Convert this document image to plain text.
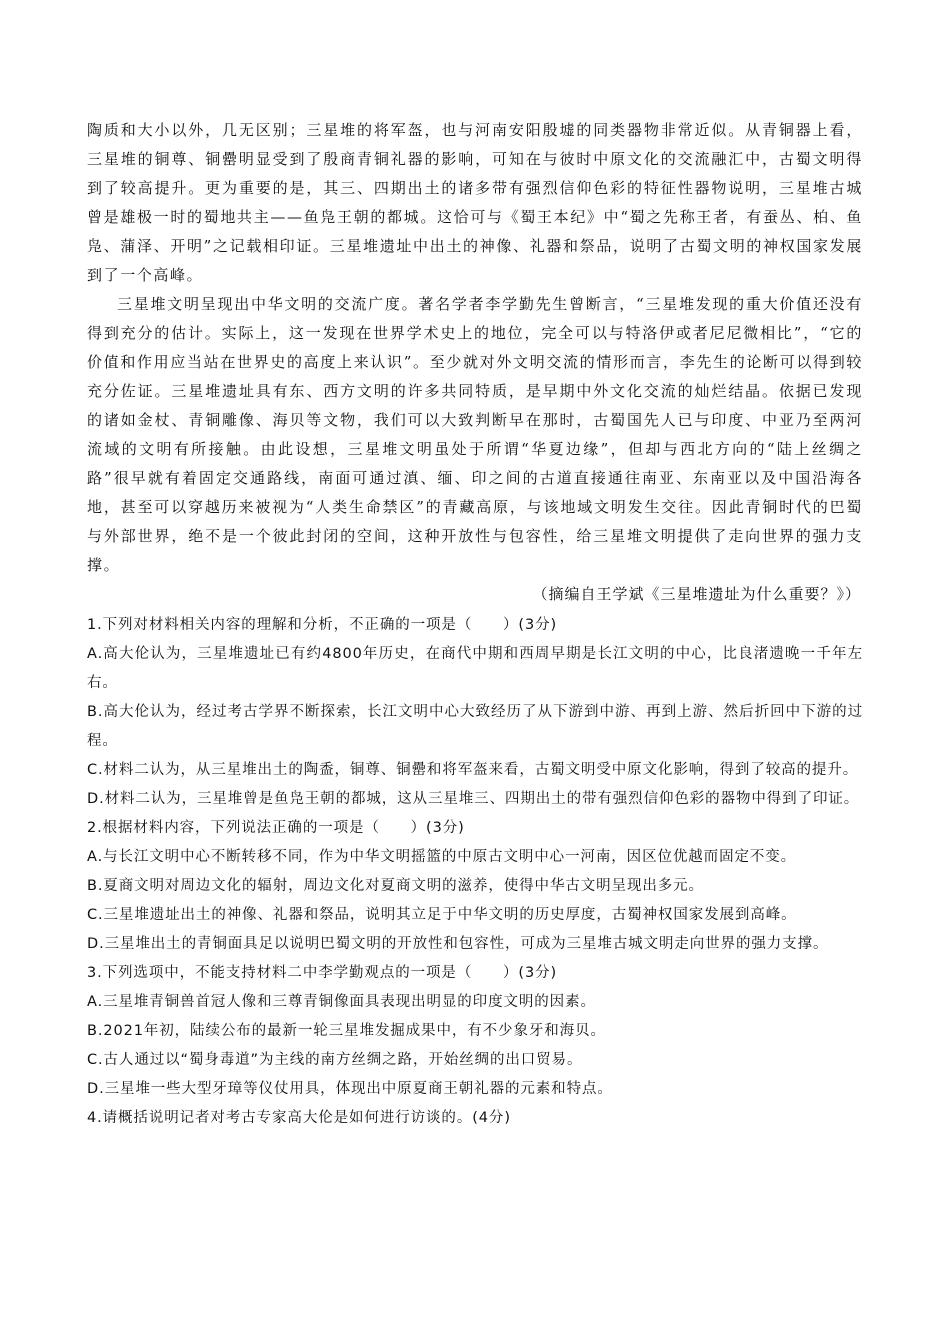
陶质和大小以外，几无区别；三星堆的将军盔，也与河南安阳殷墟的同类器物非常近似。从青铜器上看，三星堆的铜尊、铜罍明显受到了殷商青铜礼器的影响，可知在与彼时中原文化的交流融汇中，古蜀文明得到了较高提升。更为重要的是，其三、四期出土的诸多带有强烈信仰色彩的特征性器物说明，三星堆古城曾是雄极一时的蜀地共主——鱼凫王朝的都城。这恰可与《蜀王本纪》中“蜀之先称王者，有蚕丛、柏、鱼凫、蒲泽、开明”之记载相印证。三星堆遗址中出土的神像、礼器和祭品，说明了古蜀文明的神权国家发展到了一个高峰。

三星堆文明呈现出中华文明的交流广度。著名学者李学勤先生曾断言，“三星堆发现的重大价值还没有得到充分的估计。实际上，这一发现在世界学术史上的地位，完全可以与特洛伊或者尼尼微相比”，“它的价值和作用应当站在世界史的高度上来认识”。至少就对外文明交流的情形而言，李先生的论断可以得到较充分佐证。三星堆遗址具有东、西方文明的许多共同特质，是早期中外文化交流的灿烂结晶。依据已发现的诸如金杖、青铜雕像、海贝等文物，我们可以大致判断早在那时，古蜀国先人已与印度、中亚乃至两河流域的文明有所接触。由此设想，三星堆文明虽处于所谓“华夏边缘”，但却与西北方向的“陆上丝绸之路”很早就有着固定交通路线，南面可通过滇、缅、印之间的古道直接通往南亚、东南亚以及中国沿海各地，甚至可以穿越历来被视为“人类生命禁区”的青藏高原，与该地域文明发生交往。因此青铜时代的巴蜀与外部世界，绝不是一个彼此封闭的空间，这种开放性与包容性，给三星堆文明提供了走向世界的强力支撑。

（摘编自王学斌《三星堆遗址为什么重要？》）

1.下列对材料相关内容的理解和分析，不正确的一项是（　　）(3分)

A.高大伦认为，三星堆遗址已有约4800年历史，在商代中期和西周早期是长江文明的中心，比良渚遗晚一千年左右。

B.高大伦认为，经过考古学界不断探索，长江文明中心大致经历了从下游到中游、再到上游、然后折回中下游的过程。

C.材料二认为，从三星堆出土的陶盉，铜尊、铜罍和将军盔来看，古蜀文明受中原文化影响，得到了较高的提升。

D.材料二认为，三星堆曾是鱼凫王朝的都城，这从三星堆三、四期出土的带有强烈信仰色彩的器物中得到了印证。

2.根据材料内容，下列说法正确的一项是（　　）(3分)

A.与长江文明中心不断转移不同，作为中华文明摇篮的中原古文明中心一河南，因区位优越而固定不变。

B.夏商文明对周边文化的辐射，周边文化对夏商文明的滋养，使得中华古文明呈现出多元。

C.三星堆遗址出土的神像、礼器和祭品，说明其立足于中华文明的历史厚度，古蜀神权国家发展到高峰。

D.三星堆出土的青铜面具足以说明巴蜀文明的开放性和包容性，可成为三星堆古城文明走向世界的强力支撑。

3.下列选项中，不能支持材料二中李学勤观点的一项是（　　）(3分)

A.三星堆青铜兽首冠人像和三尊青铜像面具表现出明显的印度文明的因素。

B.2021年初，陆续公布的最新一轮三星堆发掘成果中，有不少象牙和海贝。

C.古人通过以“蜀身毒道”为主线的南方丝绸之路，开始丝绸的出口贸易。

D.三星堆一些大型牙璋等仪仗用具，体现出中原夏商王朝礼器的元素和特点。

4.请概括说明记者对考古专家高大伦是如何进行访谈的。(4分)
